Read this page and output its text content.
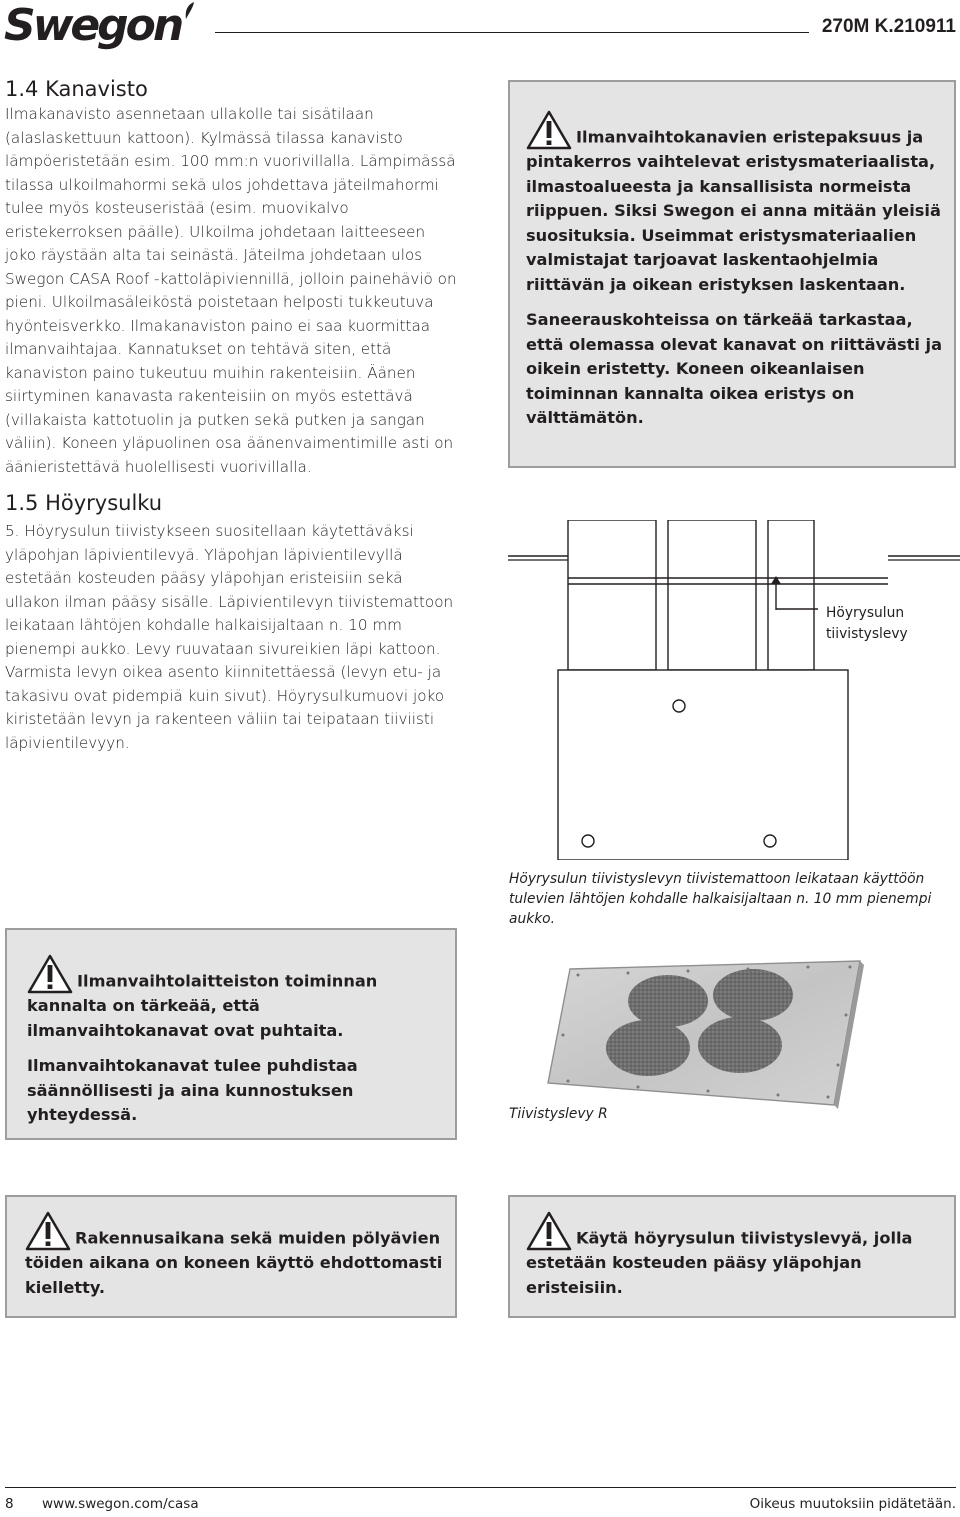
Swegon	270M K.210911
1.4 Kanavisto

Ilmakanavisto asennetaan ullakolle tai sisätilaan (alaslaskettuun kattoon). Kylmässä tilassa kanavisto lämpöeristetään esim. 100 mm:n vuorivillalla. Lämpimässä tilassa ulkoilmahormi sekä ulos johdettava jäteilmahormi tulee myös kosteuseristää (esim. muovikalvo eristekerroksen päälle). Ulkoilma johdetaan laitteeseen joko räystään alta tai seinästä. Jäteilma johdetaan ulos Swegon CASA Roof -kattoläpiviennillä, jolloin painehäviö on pieni. Ulkoilmasäleiköstä poistetaan helposti tukkeutuva hyönteisverkko. Ilmakanaviston paino ei saa kuormittaa ilmanvaihtajaa. Kannatukset on tehtävä siten, että kanaviston paino tukeutuu muihin rakenteisiin. Äänen siirtyminen kanavasta rakenteisiin on myös estettävä (villakaista kattotuolin ja putken sekä putken ja sangan väliin). Koneen yläpuolinen osa äänenvaimentimille asti on äänieristettävä huolellisesti vuorivillalla.

Ilmanvaihtokanavien eristepaksuus ja pintakerros vaihtelevat eristysmateriaalista, ilmastoalueesta ja kansallisista normeista riippuen. Siksi Swegon ei anna mitään yleisiä suosituksia. Useimmat eristysmateriaalien valmistajat tarjoavat laskentaohjelmia riittävän ja oikean eristyksen laskentaan.

Saneerauskohteissa on tärkeää tarkastaa, että olemassa olevat kanavat on riittävästi ja oikein eristetty. Koneen oikeanlaisen toiminnan kannalta oikea eristys on välttämätön.

1.5 Höyrysulku

5. Höyrysulun tiivistykseen suositellaan käytettäväksi yläpohjan läpivientilevyä. Yläpohjan läpivientilevyllä estetään kosteuden pääsy yläpohjan eristeisiin sekä ullakon ilman pääsy sisälle. Läpivientilevyn tiivistemattoon leikataan lähtöjen kohdalle halkaisijaltaan n. 10 mm pienempi aukko. Levy ruuvataan sivureikien läpi kattoon. Varmista levyn oikea asento kiinnitettäessä (levyn etu- ja takasivu ovat pidempiä kuin sivut). Höyrysulkumuovi joko kiristetään levyn ja rakenteen väliin tai teipataan tiiviisti läpivientilevyyn.

Höyrysulun tiivistyslevy
Höyrysulun tiivistyslevyn tiivistemattoon leikataan käyttöön tulevien lähtöjen kohdalle halkaisijaltaan n. 10 mm pienempi aukko.

Ilmanvaihtolaitteiston toiminnan kannalta on tärkeää, että ilmanvaihtokanavat ovat puhtaita.

Ilmanvaihtokanavat tulee puhdistaa säännöllisesti ja aina kunnostuksen yhteydessä.	Tiivistyslevy R

Rakennusaikana sekä muiden pölyävien töiden aikana on koneen käyttö ehdottomasti kielletty.

Käytä höyrysulun tiivistyslevyä, jolla estetään kosteuden pääsy yläpohjan eristeisiin.

8 www.swegon.com/casa	Oikeus muutoksiin pidätetään.
